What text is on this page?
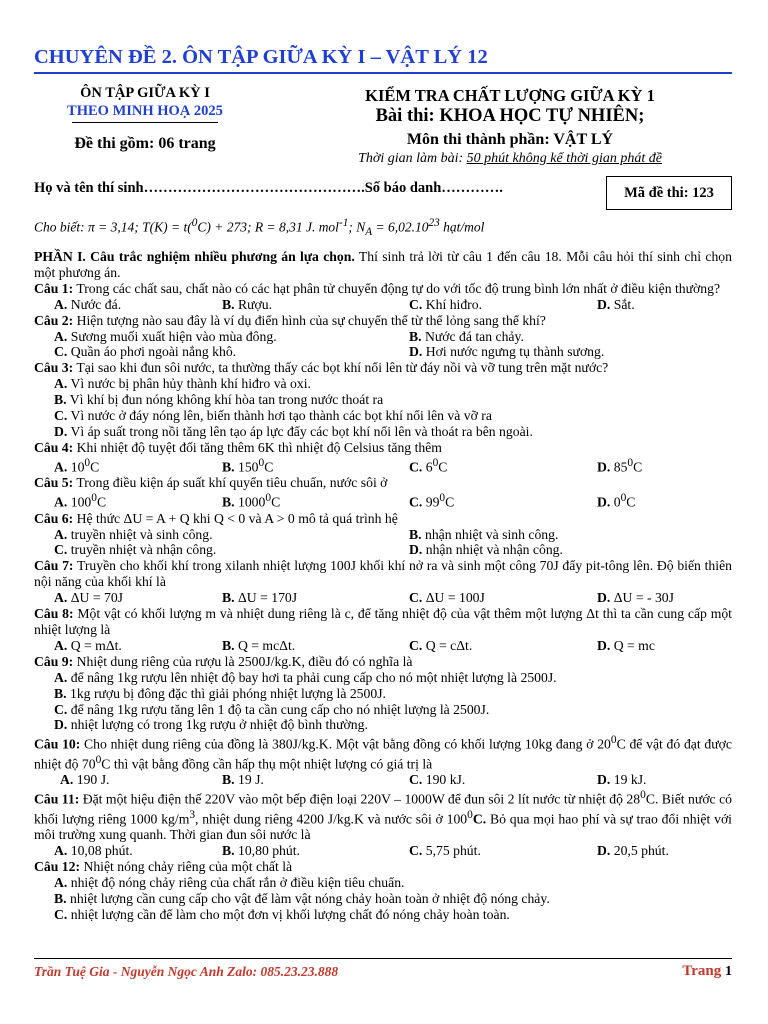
CHUYÊN ĐỀ 2. ÔN TẬP GIỮA KỲ I – VẬT LÝ 12
ÔN TẬP GIỮA KỲ I
THEO MINH HOẠ 2025
Đề thi gồm: 06 trang
KIỂM TRA CHẤT LƯỢNG GIỮA KỲ 1
Bài thi: KHOA HỌC TỰ NHIÊN;
Môn thi thành phần: VẬT LÝ
Thời gian làm bài: 50 phút không kể thời gian phát đề
Họ và tên thí sinh……………………………………….Số báo danh………….	Mã đề thi: 123
Cho biết: π = 3,14; T(K) = t($^0$C) + 273; R = 8,31 J. mol$^{-1}$; $N_A = 6,02.10^{23}$ hạt/mol

PHẦN I. Câu trắc nghiệm nhiều phương án lựa chọn. Thí sinh trả lời từ câu 1 đến câu 18. Mỗi câu hỏi thí sinh chỉ chọn một phương án.

Câu 1: Trong các chất sau, chất nào có các hạt phân tử chuyển động tự do với tốc độ trung bình lớn nhất ở điều kiện thường?

A. Nước đá.	B. Rượu.	C. Khí hiđro.	D. Sắt.

Câu 2: Hiện tượng nào sau đây là ví dụ điển hình của sự chuyển thể từ thể lỏng sang thể khí?

A. Sương muối xuất hiện vào mùa đông.	B. Nước đá tan chảy.
C. Quần áo phơi ngoài nắng khô.	D. Hơi nước ngưng tụ thành sương.

Câu 3: Tại sao khi đun sôi nước, ta thường thấy các bọt khí nổi lên từ đáy nồi và vỡ tung trên mặt nước?

A. Vì nước bị phân hủy thành khí hiđro và oxi.
B. Vì khí bị đun nóng không khí hòa tan trong nước thoát ra
C. Vì nước ở đáy nóng lên, biến thành hơi tạo thành các bọt khí nổi lên và vỡ ra
D. Vì áp suất trong nồi tăng lên tạo áp lực đẩy các bọt khí nổi lên và thoát ra bên ngoài.

Câu 4: Khi nhiệt độ tuyệt đối tăng thêm 6K thì nhiệt độ Celsius tăng thêm

A. $10^0C$	B. $150^0C$	C. $6^0C$	D. $85^0C$

Câu 5: Trong điều kiện áp suất khí quyển tiêu chuẩn, nước sôi ở

A. $100^0C$	B. 1000$^0$C	C. $99^0C$	D. $0^0C$

Câu 6: Hệ thức ΔU = A + Q khi Q < 0 và A > 0 mô tả quá trình hệ

A. truyền nhiệt và sinh công.	B. nhận nhiệt và sinh công.
C. truyền nhiệt và nhận công.	D. nhận nhiệt và nhận công.

Câu 7: Truyền cho khối khí trong xilanh nhiệt lượng 100J khối khí nở ra và sinh một công 70J đẩy pit-tông lên. Độ biến thiên nội năng của khối khí là

A. ΔU = 70J	B. ΔU = 170J	C. ΔU = 100J	D. ΔU = - 30J

Câu 8: Một vật có khối lượng m và nhiệt dung riêng là c, để tăng nhiệt độ của vật thêm một lượng Δt thì ta cần cung cấp một nhiệt lượng là

A. Q = mΔt.	B. Q = mcΔt.	C. Q = cΔt.	D. Q = mc

Câu 9: Nhiệt dung riêng của rượu là 2500J/kg.K, điều đó có nghĩa là

A. để nâng 1kg rượu lên nhiệt độ bay hơi ta phải cung cấp cho nó một nhiệt lượng là 2500J.
B. 1kg rượu bị đông đặc thì giải phóng nhiệt lượng là 2500J.
C. để nâng 1kg rượu tăng lên 1 độ ta cần cung cấp cho nó nhiệt lượng là 2500J.
D. nhiệt lượng có trong 1kg rượu ở nhiệt độ bình thường.

Câu 10: Cho nhiệt dung riêng của đồng là 380J/kg.K. Một vật bằng đồng có khối lượng 10kg đang ở $20^0C$ để vật đó đạt được nhiệt độ $70^0C$ thì vật bằng đồng cần hấp thụ một nhiệt lượng có giá trị là

A. 190 J.	B. 19 J.	C. 190 kJ.	D. 19 kJ.

Câu 11: Đặt một hiệu điện thế 220V vào một bếp điện loại 220V – 1000W để đun sôi 2 lít nước từ nhiệt độ $28^0C$. Biết nước có khối lượng riêng 1000 $kg/m^3$, nhiệt dung riêng 4200 J/kg.K và nước sôi ở $100^0C$. Bỏ qua mọi hao phí và sự trao đổi nhiệt với môi trường xung quanh. Thời gian đun sôi nước là

A. 10,08 phút.	B. 10,80 phút.	C. 5,75 phút.	D. 20,5 phút.

Câu 12: Nhiệt nóng chảy riêng của một chất là

A. nhiệt độ nóng chảy riêng của chất rắn ở điều kiện tiêu chuẩn.
B. nhiệt lượng cần cung cấp cho vật để làm vật nóng chảy hoàn toàn ở nhiệt độ nóng chảy.
C. nhiệt lượng cần để làm cho một đơn vị khối lượng chất đó nóng chảy hoàn toàn.
Trần Tuệ Gia - Nguyễn Ngọc Anh Zalo: 085.23.23.888	Trang 1
